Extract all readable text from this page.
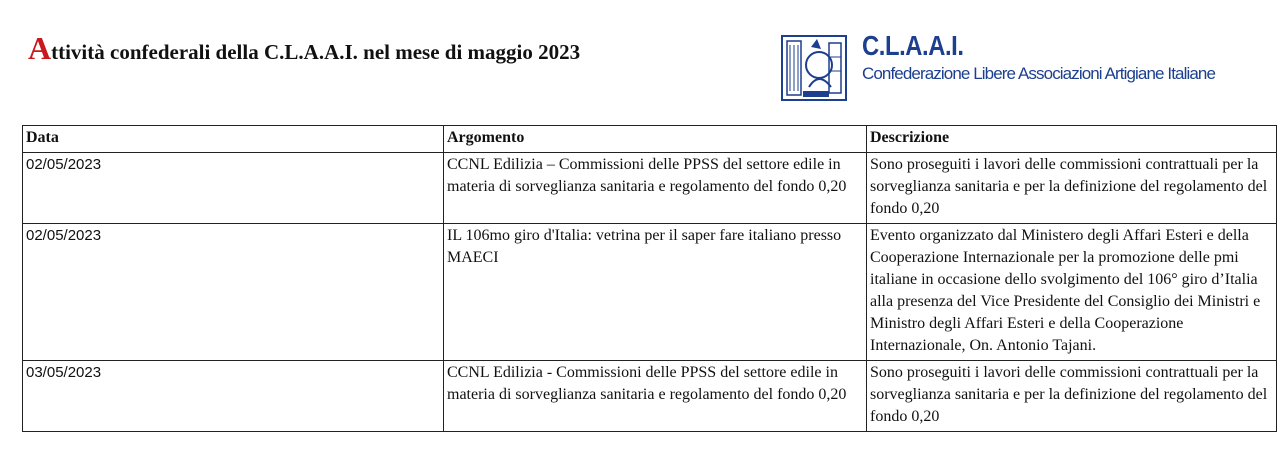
Attività confederali della C.L.A.A.I. nel mese di maggio 2023	C.L.A.A.I.
Confederazione Libere Associazioni Artigiane Italiane
Data	Argomento	Descrizione
02/05/2023	CCNL Edilizia – Commissioni delle PPSS del settore edile in materia di sorveglianza sanitaria e regolamento del fondo 0,20	Sono proseguiti i lavori delle commissioni contrattuali per la sorveglianza sanitaria e per la definizione del regolamento del fondo 0,20
02/05/2023	IL 106mo giro d'Italia: vetrina per il saper fare italiano presso MAECI	Evento organizzato dal Ministero degli Affari Esteri e della Cooperazione Internazionale per la promozione delle pmi italiane in occasione dello svolgimento del 106° giro d’Italia alla presenza del Vice Presidente del Consiglio dei Ministri e Ministro degli Affari Esteri e della Cooperazione Internazionale, On. Antonio Tajani.
03/05/2023	CCNL Edilizia - Commissioni delle PPSS del settore edile in materia di sorveglianza sanitaria e regolamento del fondo 0,20	Sono proseguiti i lavori delle commissioni contrattuali per la sorveglianza sanitaria e per la definizione del regolamento del fondo 0,20
